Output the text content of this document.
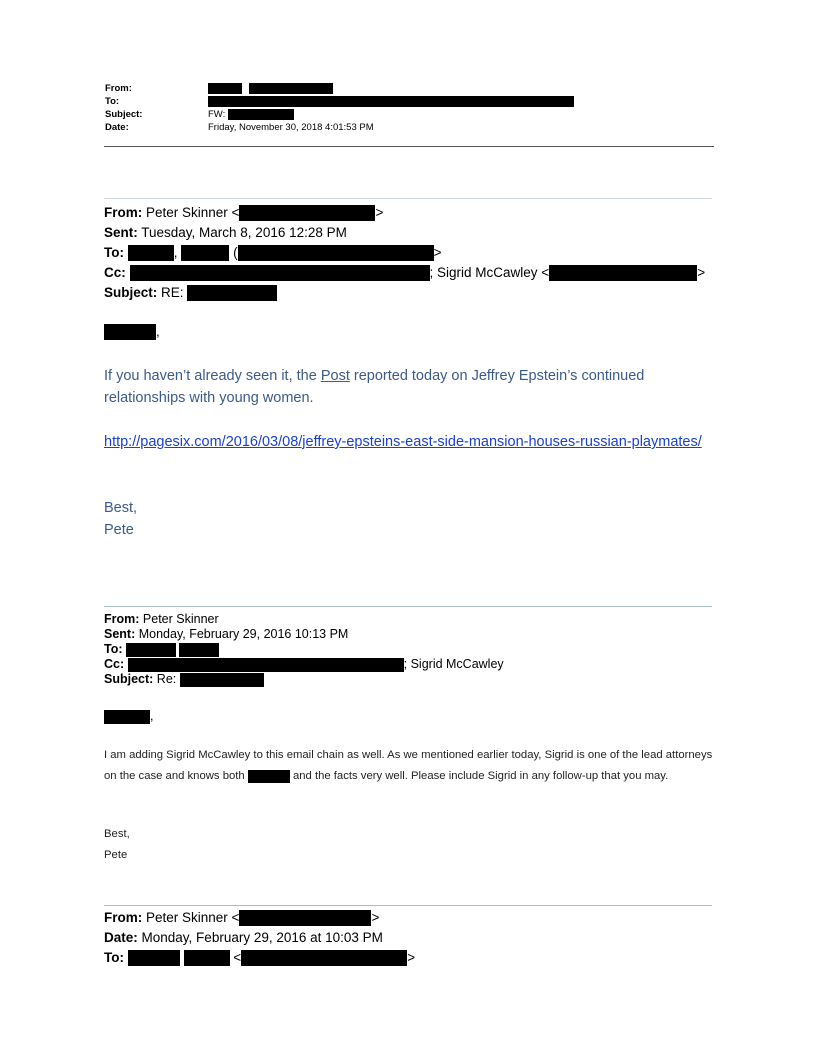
From:

To:
Subject:	FW:
Date:	Friday, November 30, 2018 4:01:53 PM
From: Peter Skinner <	>
Sent: Tuesday, March 8, 2016 12:28 PM
To:	,	(	>
Cc:	; Sigrid McCawley <	>
Subject: RE:
,
If you haven’t already seen it, the Post reported today on Jeffrey Epstein’s continued relationships with young women.
http://pagesix.com/2016/03/08/jeffrey-epsteins-east-side-mansion-houses-russian-playmates/
Best,
Pete
From: Peter Skinner
Sent: Monday, February 29, 2016 10:13 PM
To:
Cc:	; Sigrid McCawley
Subject: Re:
,
I am adding Sigrid McCawley to this email chain as well. As we mentioned earlier today, Sigrid is one of the lead attorneys on the case and knows both	and the facts very well. Please include Sigrid in any follow-up that you may.
Best,
Pete
From: Peter Skinner <	>
Date: Monday, February 29, 2016 at 10:03 PM
To:	<	>
